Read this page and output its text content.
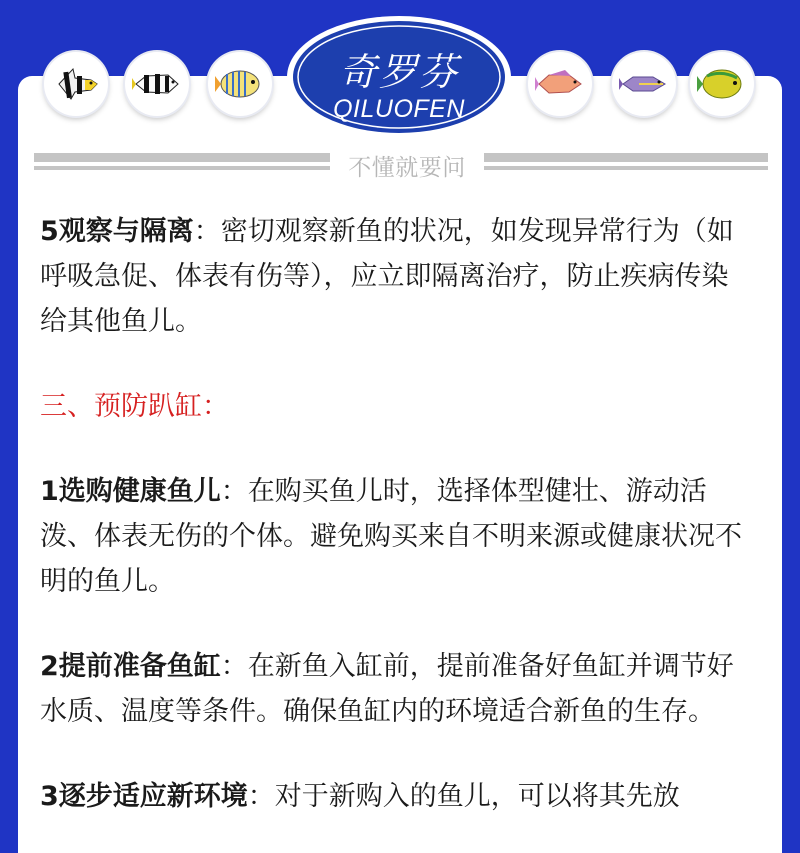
奇罗芬
QILUOFEN
不懂就要问

5观察与隔离：密切观察新鱼的状况，如发现异常行为（如呼吸急促、体表有伤等），应立即隔离治疗，防止疾病传染给其他鱼儿。

三、预防趴缸：

1选购健康鱼儿：在购买鱼儿时，选择体型健壮、游动活泼、体表无伤的个体。避免购买来自不明来源或健康状况不明的鱼儿。

2提前准备鱼缸：在新鱼入缸前，提前准备好鱼缸并调节好水质、温度等条件。确保鱼缸内的环境适合新鱼的生存。

3逐步适应新环境：对于新购入的鱼儿，可以将其先放
